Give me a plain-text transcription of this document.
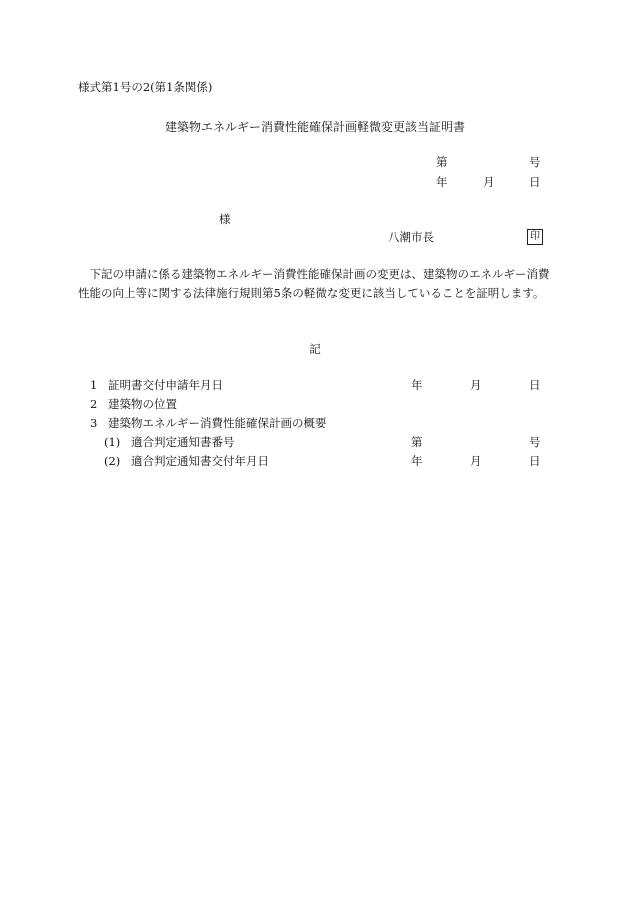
様式第1号の2(第1条関係)
建築物エネルギー消費性能確保計画軽微変更該当証明書
第	号
年	月	日
様
八潮市長	印
下記の申請に係る建築物エネルギー消費性能確保計画の変更は、建築物のエネルギー消費性能の向上等に関する法律施行規則第5条の軽微な変更に該当していることを証明します。
記
1 証明書交付申請年月日	年	月	日
2 建築物の位置
3 建築物エネルギー消費性能確保計画の概要
(1) 適合判定通知書番号	第	号
(2) 適合判定通知書交付年月日	年	月	日
